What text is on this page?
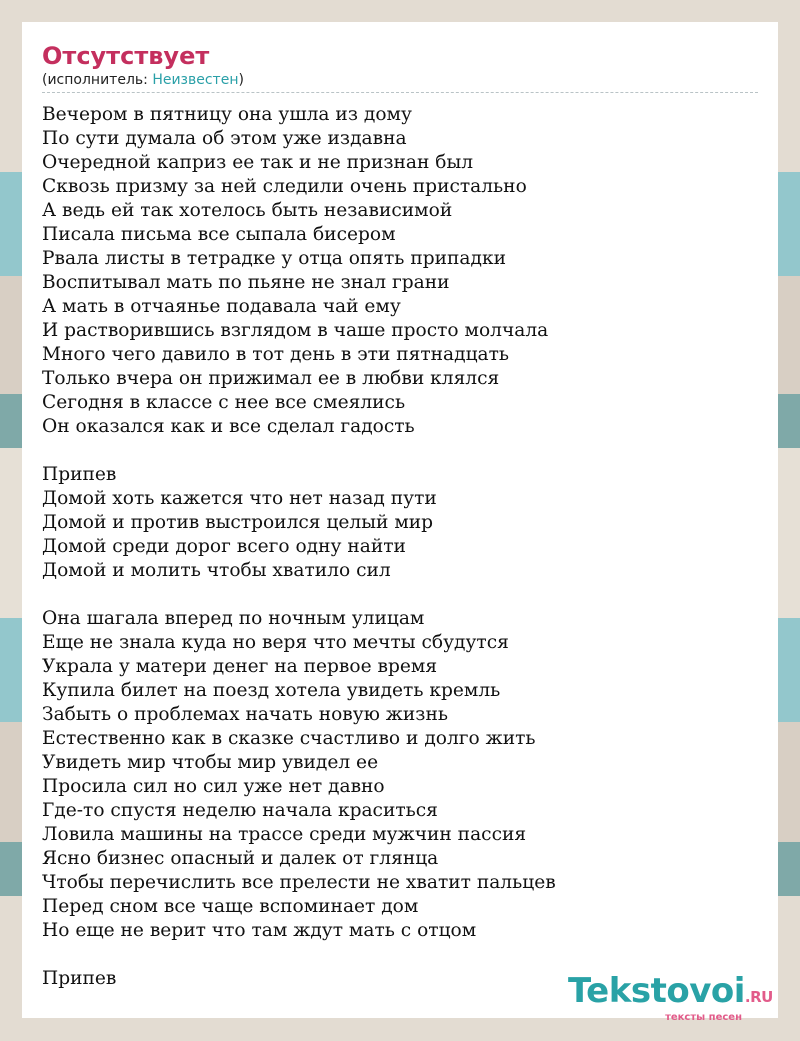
Отсутствует
(исполнитель: Неизвестен)
Вечером в пятницу она ушла из дому
По сути думала об этом уже издавна
Очередной каприз ее так и не признан был
Сквозь призму за ней следили очень пристально
А ведь ей так хотелось быть независимой
Писала письма все сыпала бисером
Рвала листы в тетрадке у отца опять припадки
Воспитывал мать по пьяне не знал грани
А мать в отчаянье подавала чай ему
И растворившись взглядом в чаше просто молчала
Много чего давило в тот день в эти пятнадцать
Только вчера он прижимал ее в любви клялся
Сегодня в классе с нее все смеялись
Он оказался как и все сделал гадость
Припев
Домой хоть кажется что нет назад пути
Домой и против выстроился целый мир
Домой среди дорог всего одну найти
Домой и молить чтобы хватило сил
Она шагала вперед по ночным улицам
Еще не знала куда но веря что мечты сбудутся
Украла у матери денег на первое время
Купила билет на поезд хотела увидеть кремль
Забыть о проблемах начать новую жизнь
Естественно как в сказке счастливо и долго жить
Увидеть мир чтобы мир увидел ее
Просила сил но сил уже нет давно
Где-то спустя неделю начала краситься
Ловила машины на трассе среди мужчин пассия
Ясно бизнес опасный и далек от глянца
Чтобы перечислить все прелести не хватит пальцев
Перед сном все чаще вспоминает дом
Но еще не верит что там ждут мать с отцом
Припев	Tekstovoi.RU
тексты песен
